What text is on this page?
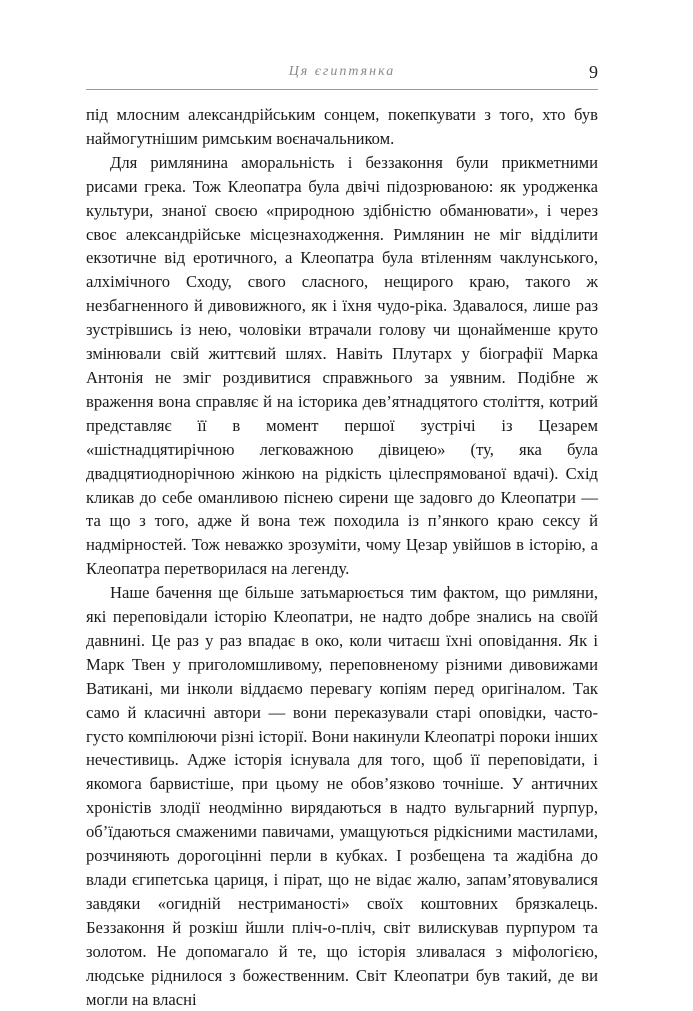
Ця єгиптянка	9

під млосним александрійським сонцем, покепкувати з того, хто був наймогутнішим римським воєначальником.

Для римлянина аморальність і беззаконня були прикметними рисами грека. Тож Клеопатра була двічі підозрюваною: як уродженка культури, знаної своєю «природною здібністю обманювати», і через своє александрійське місцезнаходження. Римлянин не міг відділити екзотичне від еротичного, а Клеопатра була втіленням чаклунського, алхімічного Сходу, свого сласного, нещирого краю, такого ж незбагненного й дивовижного, як і їхня чудо-ріка. Здавалося, лише раз зустрівшись із нею, чоловіки втрачали голову чи щонайменше круто змінювали свій життєвий шлях. Навіть Плутарх у біографії Марка Антонія не зміг роздивитися справжнього за уявним. Подібне ж враження вона справляє й на історика дев’ятнадцятого століття, котрий представляє її в момент першої зустрічі із Цезарем «шістнадцятирічною легковажною дівицею» (ту, яка була двадцятиоднорічною жінкою на рідкість цілеспрямованої вдачі). Схід кликав до себе оманливою піснею сирени ще задовго до Клеопатри — та що з того, адже й вона теж походила із п’янкого краю сексу й надмірностей. Тож неважко зрозуміти, чому Цезар увійшов в історію, а Клеопатра перетворилася на легенду.

Наше бачення ще більше затьмарюється тим фактом, що римляни, які переповідали історію Клеопатри, не надто добре знались на своїй давнині. Це раз у раз впадає в око, коли читаєш їхні оповідання. Як і Марк Твен у приголомшливому, переповненому різними дивовижами Ватикані, ми інколи віддаємо перевагу копіям перед оригіналом. Так само й класичні автори — вони переказували старі оповідки, часто-густо компілюючи різні історії. Вони накинули Клеопатрі пороки інших нечестивиць. Адже історія існувала для того, щоб її переповідати, і якомога барвистіше, при цьому не обов’язково точніше. У античних хроністів злодії неодмінно вирядаються в надто вульгарний пурпур, об’їдаються смаженими павичами, умащуються рідкісними мастилами, розчиняють дорогоцінні перли в кубках. І розбещена та жадібна до влади єгипетська цариця, і пірат, що не відає жалю, запам’ятовувалися завдяки «огидній нестримaності» своїх коштовних брязкалець. Беззаконня й розкіш йшли пліч-о-пліч, світ вилискував пурпуром та золотом. Не допомагало й те, що історія зливалася з міфологією, людське ріднилося з божественним. Світ Клеопатри був такий, де ви могли на власні
